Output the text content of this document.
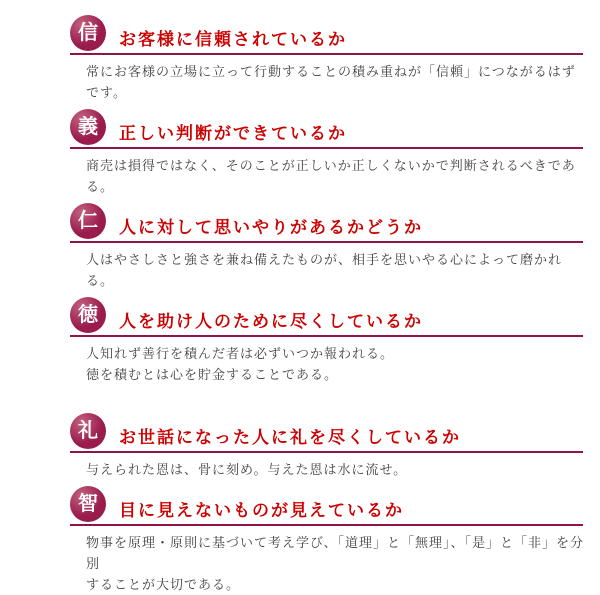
信 お客様に信頼されているか

常にお客様の立場に立って行動することの積み重ねが「信頼」につながるはず
です。

義 正しい判断ができているか

商売は損得ではなく、そのことが正しいか正しくないかで判断されるべきである。

仁 人に対して思いやりがあるかどうか

人はやさしさと強さを兼ね備えたものが、相手を思いやる心によって磨かれる。

徳 人を助け人のために尽くしているか

人知れず善行を積んだ者は必ずいつか報われる。
徳を積むとは心を貯金することである。

礼 お世話になった人に礼を尽くしているか

与えられた恩は、骨に刻め。与えた恩は水に流せ。

智 目に見えないものが見えているか

物事を原理・原則に基づいて考え学び、「道理」と「無理」、「是」と「非」を分別
することが大切である。
